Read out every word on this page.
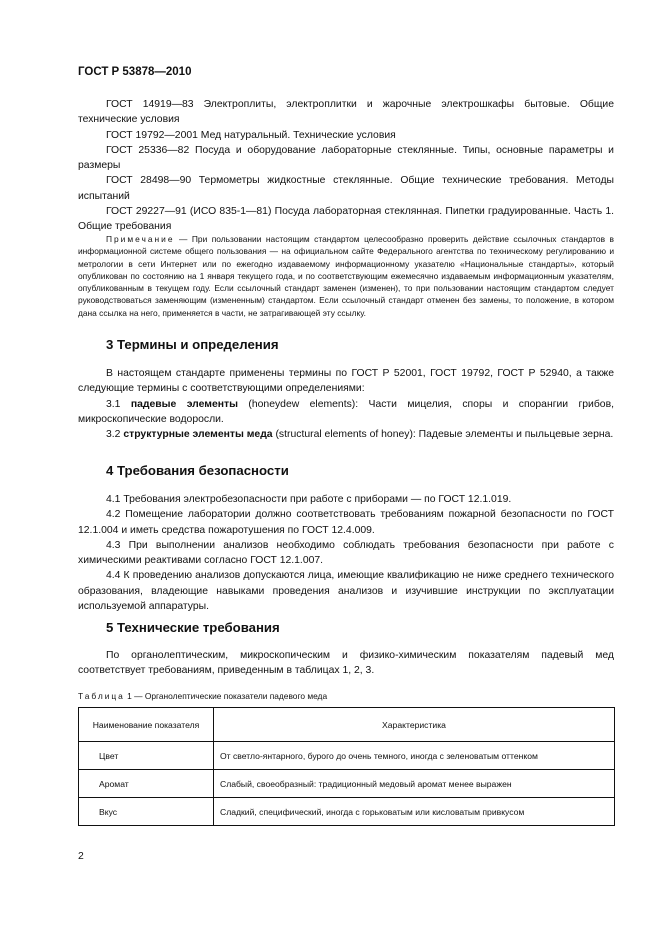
ГОСТ Р 53878—2010

ГОСТ 14919—83 Электроплиты, электроплитки и жарочные электрошкафы бытовые. Общие технические условия

ГОСТ 19792—2001 Мед натуральный. Технические условия

ГОСТ 25336—82 Посуда и оборудование лабораторные стеклянные. Типы, основные параметры и размеры

ГОСТ 28498—90 Термометры жидкостные стеклянные. Общие технические требования. Методы испытаний

ГОСТ 29227—91 (ИСО 835-1—81) Посуда лабораторная стеклянная. Пипетки градуированные. Часть 1. Общие требования

Примечание — При пользовании настоящим стандартом целесообразно проверить действие ссылочных стандартов в информационной системе общего пользования — на официальном сайте Федерального агентства по техническому регулированию и метрологии в сети Интернет или по ежегодно издаваемому информационному указателю «Национальные стандарты», который опубликован по состоянию на 1 января текущего года, и по соответствующим ежемесячно издаваемым информационным указателям, опубликованным в текущем году. Если ссылочный стандарт заменен (изменен), то при пользовании настоящим стандартом следует руководствоваться заменяющим (измененным) стандартом. Если ссылочный стандарт отменен без замены, то положение, в котором дана ссылка на него, применяется в части, не затрагивающей эту ссылку.

3 Термины и определения

В настоящем стандарте применены термины по ГОСТ Р 52001, ГОСТ 19792, ГОСТ Р 52940, а также следующие термины с соответствующими определениями:

3.1 падевые элементы (honeydew elements): Части мицелия, споры и спорангии грибов, микроскопические водоросли.

3.2 структурные элементы меда (structural elements of honey): Падевые элементы и пыльцевые зерна.

4 Требования безопасности

4.1 Требования электробезопасности при работе с приборами — по ГОСТ 12.1.019.

4.2 Помещение лаборатории должно соответствовать требованиям пожарной безопасности по ГОСТ 12.1.004 и иметь средства пожаротушения по ГОСТ 12.4.009.

4.3 При выполнении анализов необходимо соблюдать требования безопасности при работе с химическими реактивами согласно ГОСТ 12.1.007.

4.4 К проведению анализов допускаются лица, имеющие квалификацию не ниже среднего технического образования, владеющие навыками проведения анализов и изучившие инструкции по эксплуатации используемой аппаратуры.

5 Технические требования

По органолептическим, микроскопическим и физико-химическим показателям падевый мед соответствует требованиям, приведенным в таблицах 1, 2, 3.

Таблица 1 — Органолептические показатели падевого меда
Наименование показателя	Характеристика
Цвет	От светло-янтарного, бурого до очень темного, иногда с зеленоватым оттенком
Аромат	Слабый, своеобразный: традиционный медовый аромат менее выражен
Вкус	Сладкий, специфический, иногда с горьковатым или кисловатым привкусом
2
